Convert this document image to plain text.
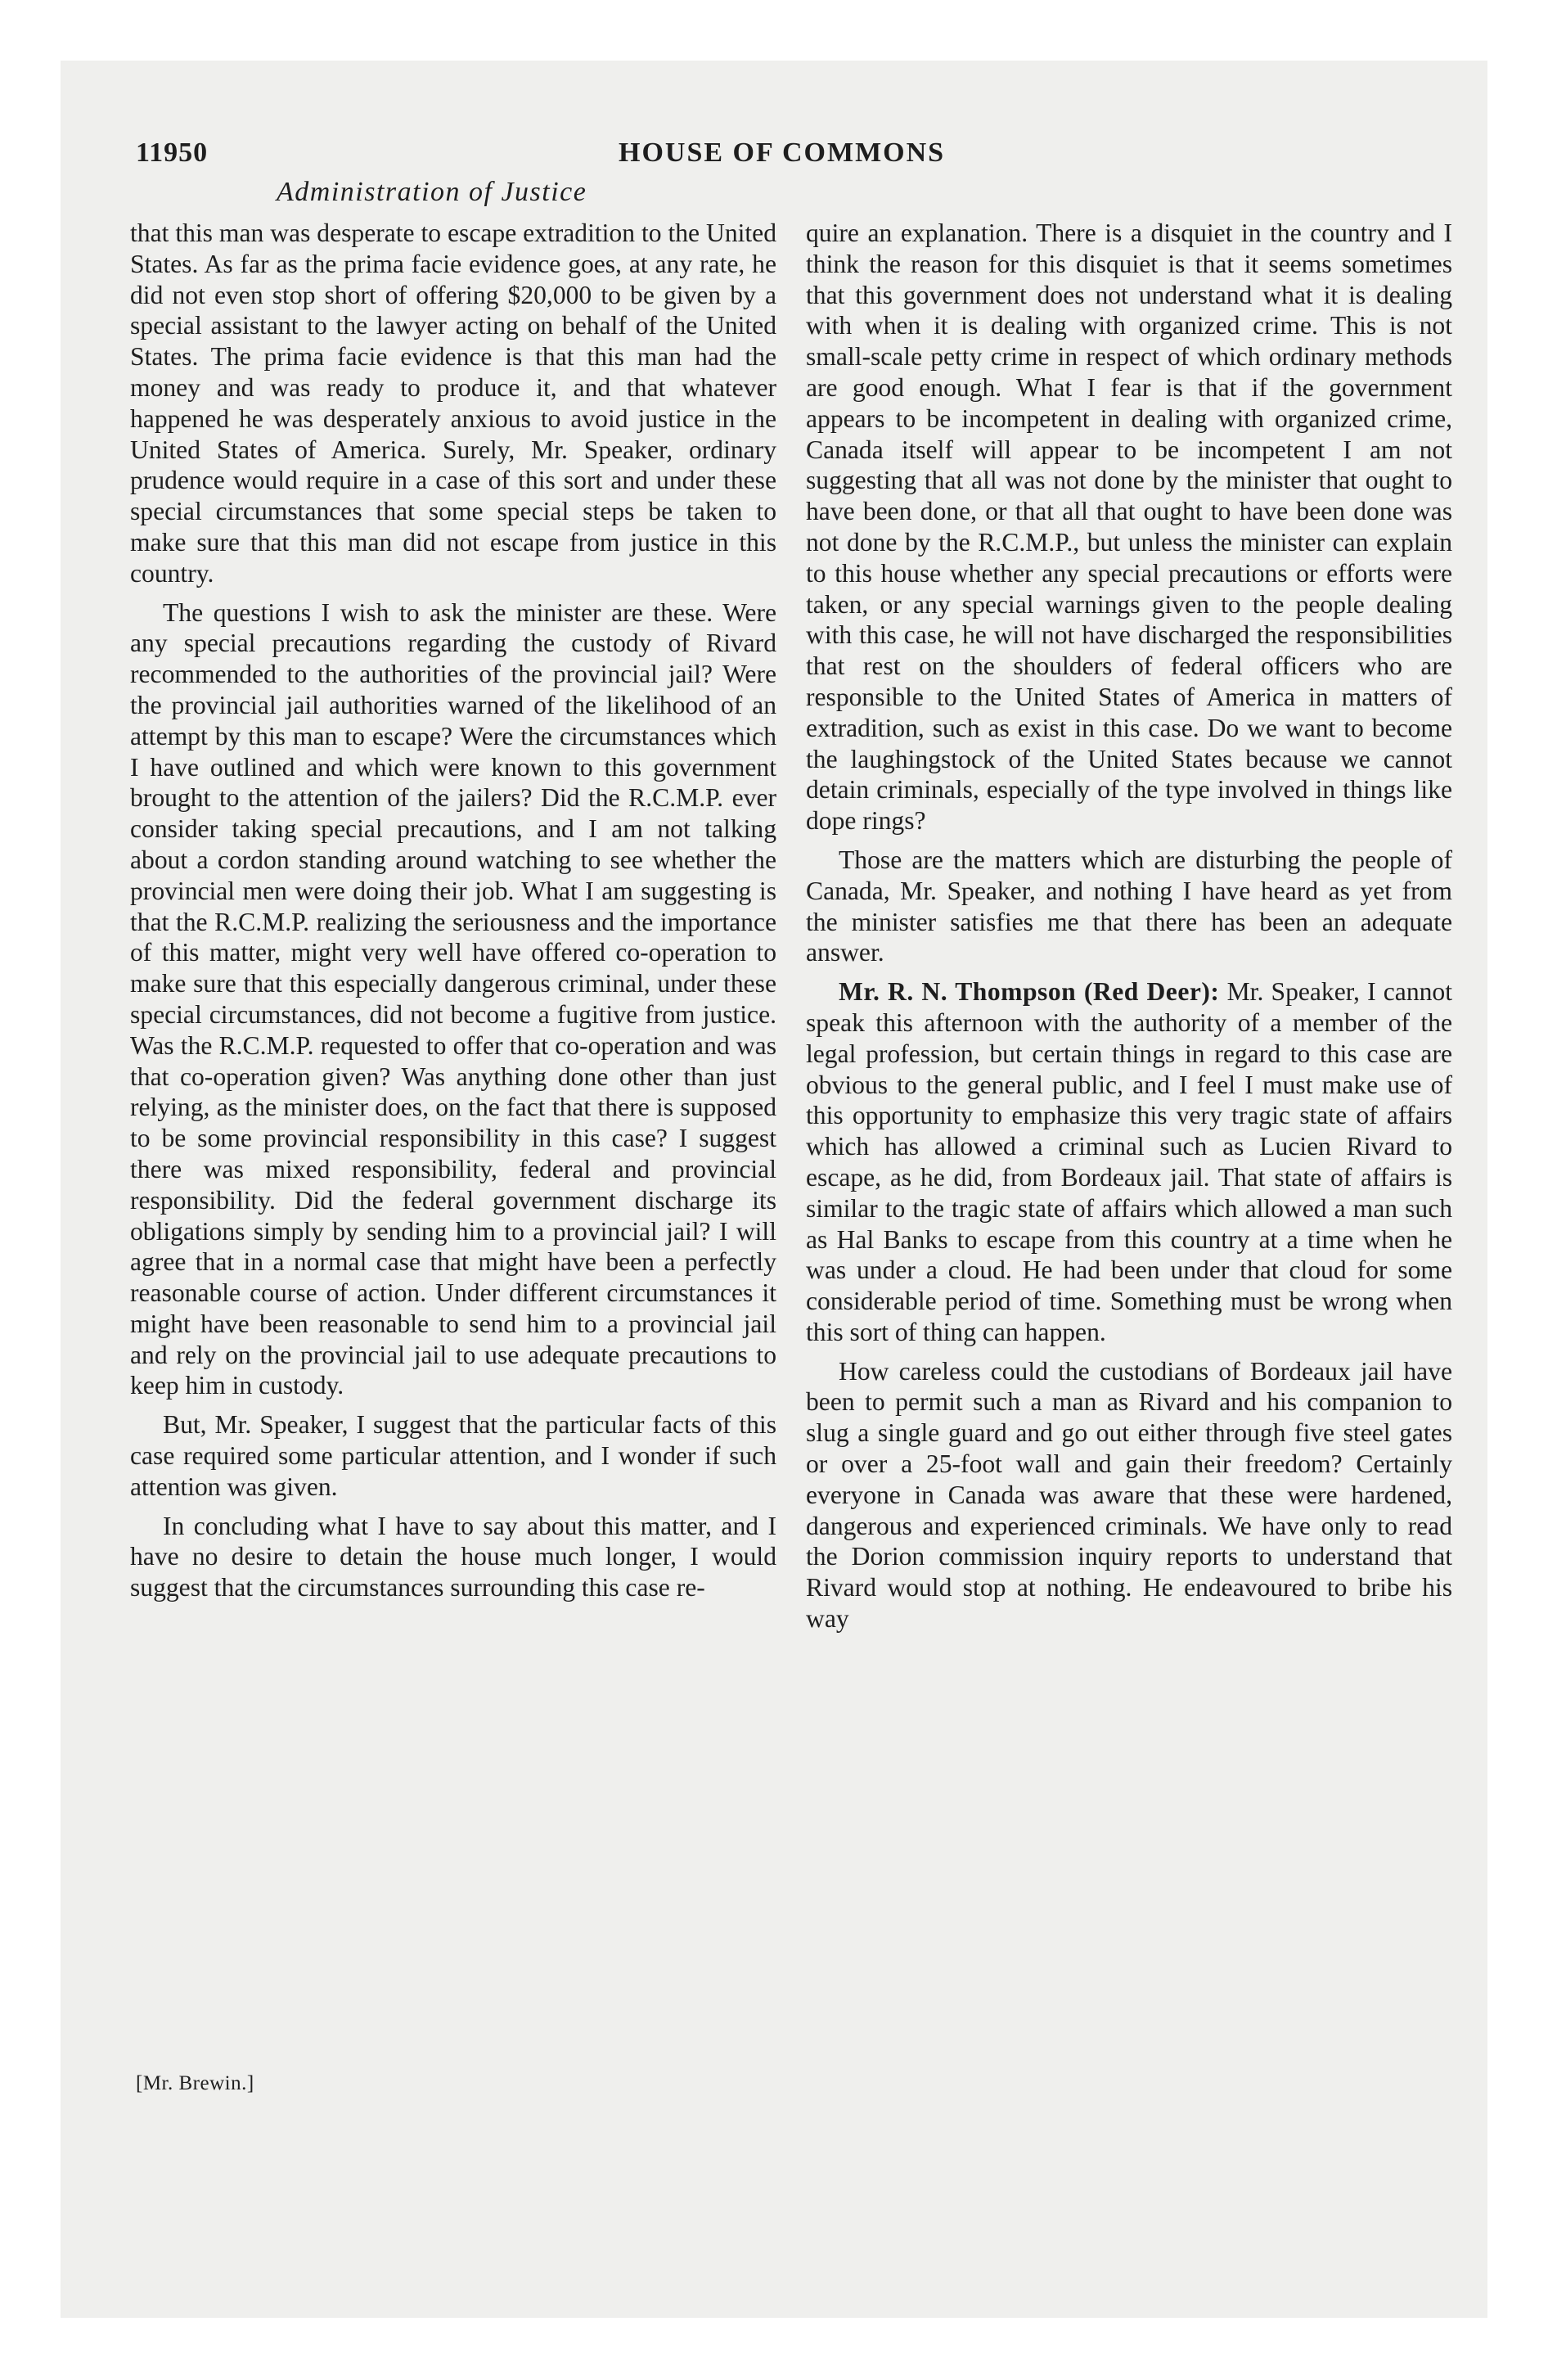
11950	HOUSE OF COMMONS
Administration of Justice

that this man was desperate to escape extradition to the United States. As far as the prima facie evidence goes, at any rate, he did not even stop short of offering $20,000 to be given by a special assistant to the lawyer acting on behalf of the United States. The prima facie evidence is that this man had the money and was ready to produce it, and that whatever happened he was desperately anxious to avoid justice in the United States of America. Surely, Mr. Speaker, ordinary prudence would require in a case of this sort and under these special circumstances that some special steps be taken to make sure that this man did not escape from justice in this country.

The questions I wish to ask the minister are these. Were any special precautions regarding the custody of Rivard recommended to the authorities of the provincial jail? Were the provincial jail authorities warned of the likelihood of an attempt by this man to escape? Were the circumstances which I have outlined and which were known to this government brought to the attention of the jailers? Did the R.C.M.P. ever consider taking special precautions, and I am not talking about a cordon standing around watching to see whether the provincial men were doing their job. What I am suggesting is that the R.C.M.P. realizing the seriousness and the importance of this matter, might very well have offered co-operation to make sure that this especially dangerous criminal, under these special circumstances, did not become a fugitive from justice. Was the R.C.M.P. requested to offer that co-operation and was that co-operation given? Was anything done other than just relying, as the minister does, on the fact that there is supposed to be some provincial responsibility in this case? I suggest there was mixed responsibility, federal and provincial responsibility. Did the federal government discharge its obligations simply by sending him to a provincial jail? I will agree that in a normal case that might have been a perfectly reasonable course of action. Under different circumstances it might have been reasonable to send him to a provincial jail and rely on the provincial jail to use adequate precautions to keep him in custody.

But, Mr. Speaker, I suggest that the particular facts of this case required some particular attention, and I wonder if such attention was given.

In concluding what I have to say about this matter, and I have no desire to detain the house much longer, I would suggest that the circumstances surrounding this case re-

quire an explanation. There is a disquiet in the country and I think the reason for this disquiet is that it seems sometimes that this government does not understand what it is dealing with when it is dealing with organized crime. This is not small-scale petty crime in respect of which ordinary methods are good enough. What I fear is that if the government appears to be incompetent in dealing with organized crime, Canada itself will appear to be incompetent I am not suggesting that all was not done by the minister that ought to have been done, or that all that ought to have been done was not done by the R.C.M.P., but unless the minister can explain to this house whether any special precautions or efforts were taken, or any special warnings given to the people dealing with this case, he will not have discharged the responsibilities that rest on the shoulders of federal officers who are responsible to the United States of America in matters of extradition, such as exist in this case. Do we want to become the laughingstock of the United States because we cannot detain criminals, especially of the type involved in things like dope rings?

Those are the matters which are disturbing the people of Canada, Mr. Speaker, and nothing I have heard as yet from the minister satisfies me that there has been an adequate answer.

Mr. R. N. Thompson (Red Deer): Mr. Speaker, I cannot speak this afternoon with the authority of a member of the legal profession, but certain things in regard to this case are obvious to the general public, and I feel I must make use of this opportunity to emphasize this very tragic state of affairs which has allowed a criminal such as Lucien Rivard to escape, as he did, from Bordeaux jail. That state of affairs is similar to the tragic state of affairs which allowed a man such as Hal Banks to escape from this country at a time when he was under a cloud. He had been under that cloud for some considerable period of time. Something must be wrong when this sort of thing can happen.

How careless could the custodians of Bordeaux jail have been to permit such a man as Rivard and his companion to slug a single guard and go out either through five steel gates or over a 25-foot wall and gain their freedom? Certainly everyone in Canada was aware that these were hardened, dangerous and experienced criminals. We have only to read the Dorion commission inquiry reports to understand that Rivard would stop at nothing. He endeavoured to bribe his way

[Mr. Brewin.]
